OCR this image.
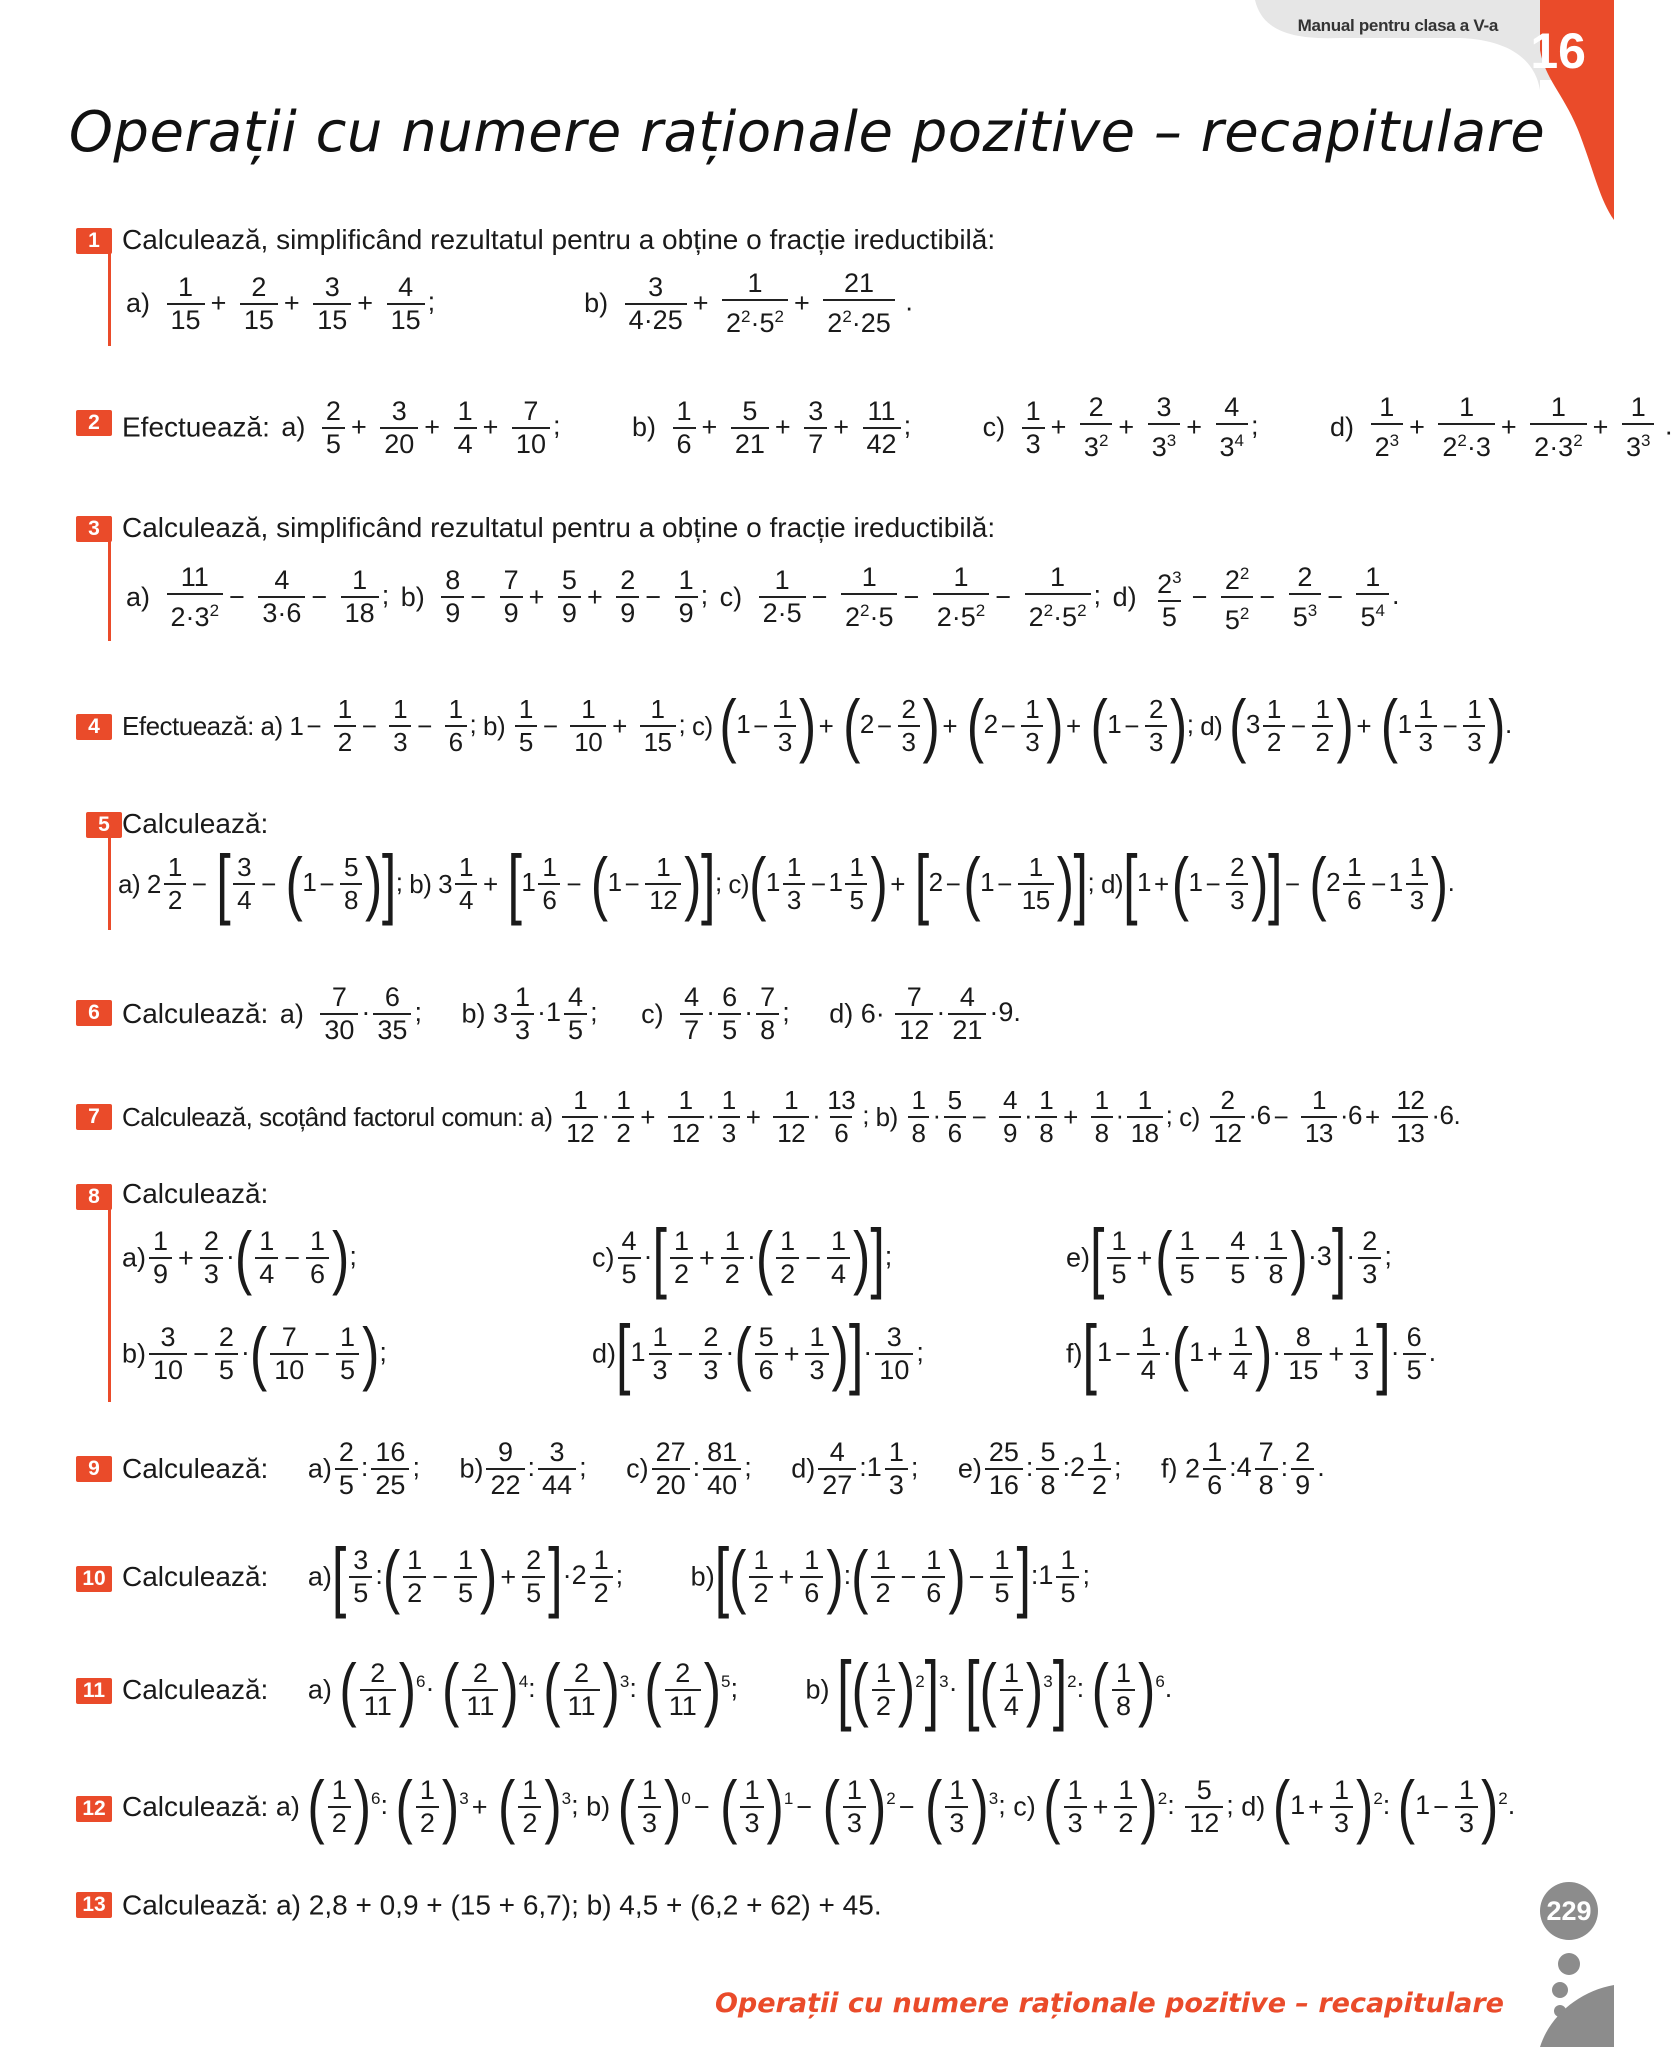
Manual pentru clasa a V-a 16
Operații cu numere raționale pozitive – recapitulare
1 Calculează, simplificând rezultatul pentru a obține o fracție ireductibilă:
$a) \frac{1}{15} + \frac{2}{15} + \frac{3}{15} + \frac{4}{15}$ ;	$b) \frac{3}{4\cdot 25} + \frac{1}{2^2\cdot 5^2} + \frac{21}{2^2\cdot 25}$ .
2 Efectuează: $a) \frac{2}{5} + \frac{3}{20} + \frac{1}{4} + \frac{7}{10}$ ; $b) \frac{1}{6} + \frac{5}{21} + \frac{3}{7} + \frac{11}{42}$ ; $c) \frac{1}{3} + \frac{2}{3^2} + \frac{3}{3^3} + \frac{4}{3^4}$ ; $d) \frac{1}{2^3} + \frac{1}{2^2\cdot 3} + \frac{1}{2\cdot 3^2} + \frac{1}{3^3}$ .
3 Calculează, simplificând rezultatul pentru a obține o fracție ireductibilă:
$a) \frac{11}{2\cdot 3^2} - \frac{4}{3\cdot 6} - \frac{1}{18}$ ; $b) \frac{8}{9} - \frac{7}{9} + \frac{5}{9} + \frac{2}{9} - \frac{1}{9}$ ; $c) \frac{1}{2\cdot 5} - \frac{1}{2^2\cdot 5} - \frac{1}{2\cdot 5^2} - \frac{1}{2^2\cdot 5^2}$ ; $d) \frac{2^3}{5} - \frac{2^2}{5^2} - \frac{2}{5^3} - \frac{1}{5^4}$ .
4 Efectuează: a) $1 - \frac{1}{2} - \frac{1}{3} - \frac{1}{6}$ ; $b) \frac{1}{5} - \frac{1}{10} + \frac{1}{15}$ ; c) ($1 - \frac{1}{3}$ ) + ($2 - \frac{2}{3}$ ) + ($2 - \frac{1}{3}$ ) + ($1 - \frac{2}{3}$ ); d) ($3 \frac{1}{2} - \frac{1}{2}$ ) + ($1 \frac{1}{3} - \frac{1}{3}$ ).
5 Calculează:
a) $2 \frac{1}{2}$ − [ $\frac{3}{4} - (1 - \frac{5}{8}$ )]; b) $3 \frac{1}{4} + [1 \frac{1}{6} - (1 - \frac{1}{12}$ )]; $c)(1 \frac{1}{3} - 1 \frac{1}{5}$ ) + [$2 -(1 - \frac{1}{15}$ )]; $d)[1 +(1 - \frac{2}{3}$ )] − ($2 \frac{1}{6} - 1 \frac{1}{3}$ ).
6 Calculează: $a) \frac{7}{30} \cdot \frac{6}{35}$ ; b) $3 \frac{1}{3} \cdot 1 \frac{4}{5}$ ; $c) \frac{4}{7} \cdot \frac{6}{5} \cdot \frac{7}{8}$ ; d) $6\cdot \frac{7}{12} \cdot \frac{4}{21} \cdot 9$.
7 Calculează, scoțând factorul comun: $a) \frac{1}{12} \cdot \frac{1}{2} + \frac{1}{12} \cdot \frac{1}{3} + \frac{1}{12} \cdot \frac{13}{6}$ ; $b) \frac{1}{8} \cdot \frac{5}{6} - \frac{4}{9} \cdot \frac{1}{8} + \frac{1}{8} \cdot \frac{1}{18}$ ; $c) \frac{2}{12} \cdot 6 - \frac{1}{13} \cdot 6 + \frac{12}{13} \cdot 6$.
8 Calculează:
$a) \frac{1}{9} + \frac{2}{3}$ ·( $\frac{1}{4} - \frac{1}{6}$ );
$b) \frac{3}{10} - \frac{2}{5}$ ·( $\frac{7}{10} - \frac{1}{5}$ );
$c) \frac{4}{5}$ ·[ $\frac{1}{2} + \frac{1}{2}$ ·( $\frac{1}{2} - \frac{1}{4}$ )];
$d)[1 \frac{1}{3} - \frac{2}{3}$ ·( $\frac{5}{6} + \frac{1}{3}$ )]· $\frac{3}{10}$ ;
$e)[ \frac{1}{5}$ +( $\frac{1}{5} - \frac{4}{5} \cdot \frac{1}{8} )\cdot 3]\cdot \frac{2}{3}$ ;
$f)[1 - \frac{1}{4} \cdot(1 + \frac{1}{4}$ )· $\frac{8}{15} + \frac{1}{3}$ ]· $\frac{6}{5}$ .
9 Calculează: $a) \frac{2}{5}$ : $\frac{16}{25}$ ; $b) \frac{9}{22}$ : $\frac{3}{44}$ ; $c) \frac{27}{20}$ : $\frac{81}{40}$ ; $d) \frac{4}{27}$ :1 $\frac{1}{3}$ ; $e) \frac{25}{16}$ : $\frac{5}{8}$ :2 $\frac{1}{2}$ ; f) $2 \frac{1}{6}$ :4 $\frac{7}{8}$ : $\frac{2}{9}$ .
10 Calculează: $a)[ \frac{3}{5}$ :( $\frac{1}{2} - \frac{1}{5}$ ) + $\frac{2}{5} ]\cdot 2 \frac{1}{2}$ ; $b)[( \frac{1}{2} + \frac{1}{6}$ ):( $\frac{1}{2} - \frac{1}{6}$ ) − $\frac{1}{5}$ ]:1 $\frac{1}{5}$ ;
11 Calculează: a) ( $\frac{2}{11} )^6\cdot$ ( $\frac{2}{11} )^4$: ( $\frac{2}{11} )^3$: ( $\frac{2}{11} )^5$; b) [( $\frac{1}{2} )^2]^3\cdot$ [( $\frac{1}{4} )^3]^2$: ( $\frac{1}{8} )^6$.
12 Calculează: a) ( $\frac{1}{2} )^6$: ( $\frac{1}{2} )^3$ + ( $\frac{1}{2} )^3$; b) ( $\frac{1}{3} )^0$ − ( $\frac{1}{3} )^1$ − ( $\frac{1}{3} )^2$ − ( $\frac{1}{3} )^3$; c) ( $\frac{1}{3} + \frac{1}{2} )^2$: $\frac{5}{12}$ ; d) $(1 + \frac{1}{3} )^2$: $(1 - \frac{1}{3} )^2$.
13 Calculează: a) 2,8 + 0,9 + (15 + 6,7); b) 4,5 + (6,2 + 62) + 45.	229
Operații cu numere raționale pozitive – recapitulare
